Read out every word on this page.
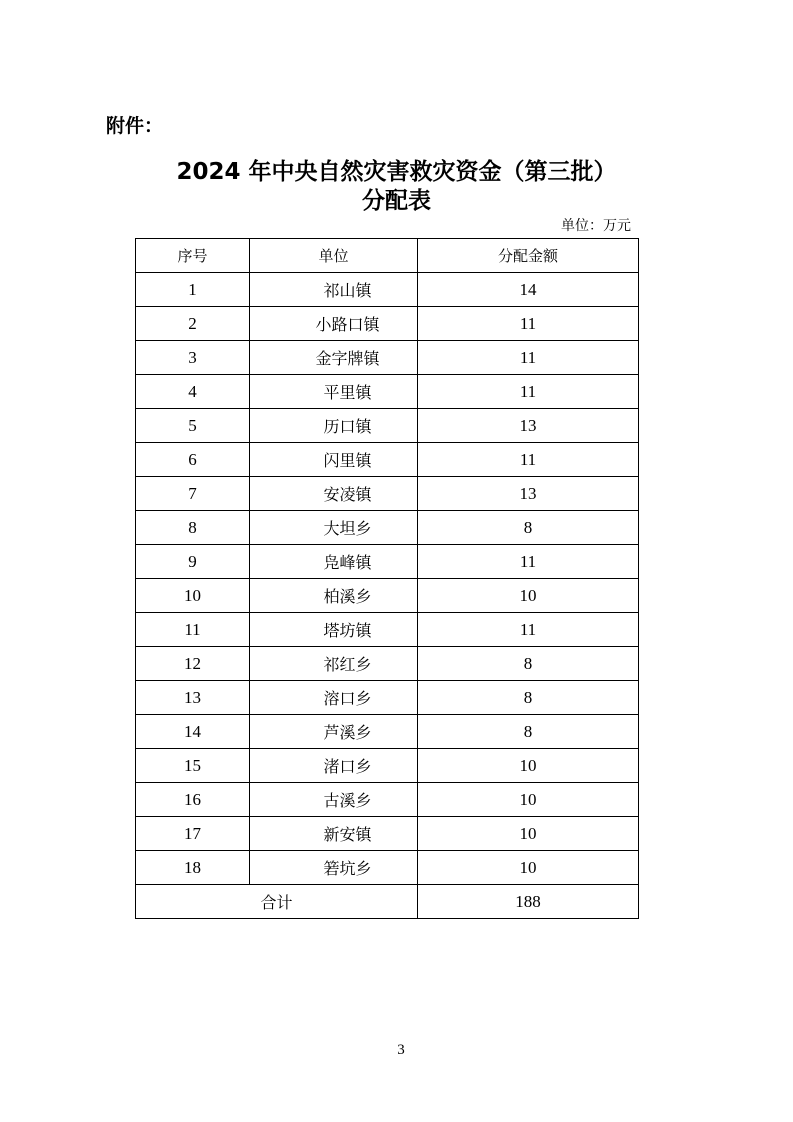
附件：
2024 年中央自然灾害救灾资金（第三批）
分配表
单位：万元
序号	单位	分配金额
1	祁山镇	14
2	小路口镇	11
3	金字牌镇	11
4	平里镇	11
5	历口镇	13
6	闪里镇	11
7	安凌镇	13
8	大坦乡	8
9	凫峰镇	11
10	柏溪乡	10
11	塔坊镇	11
12	祁红乡	8
13	溶口乡	8
14	芦溪乡	8
15	渚口乡	10
16	古溪乡	10
17	新安镇	10
18	箬坑乡	10
合计		188
3
